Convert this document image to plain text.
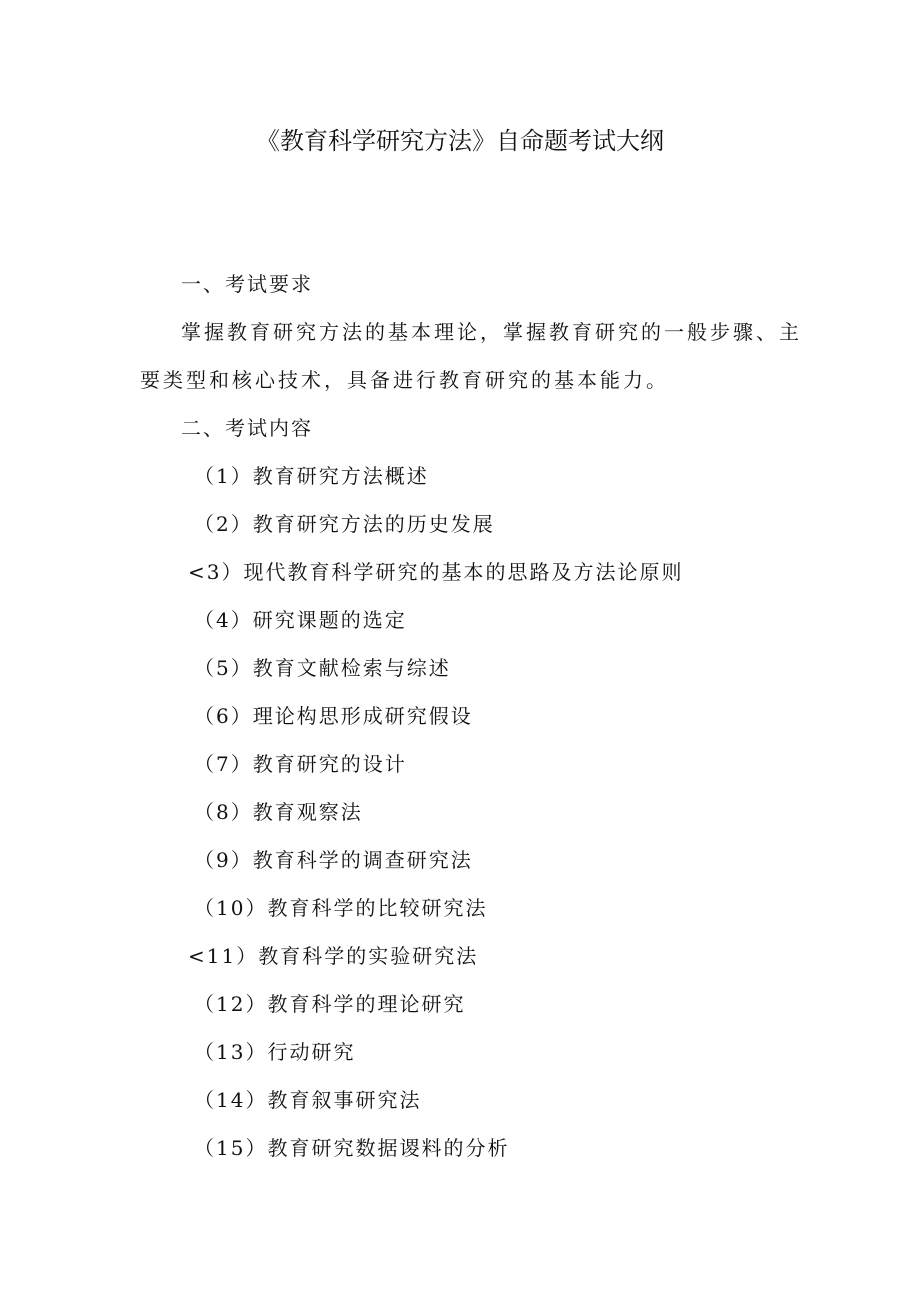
《教育科学研究方法》自命题考试大纲
一、考试要求
掌握教育研究方法的基本理论，掌握教育研究的一般步骤、主
要类型和核心技术，具备进行教育研究的基本能力。
二、考试内容
（1）教育研究方法概述
（2）教育研究方法的历史发展
<3）现代教育科学研究的基本的思路及方法论原则
（4）研究课题的选定
（5）教育文献检索与综述
（6）理论构思形成研究假设
（7）教育研究的设计
（8）教育观察法
（9）教育科学的调查研究法
（10）教育科学的比较研究法
<11）教育科学的实验研究法
（12）教育科学的理论研究
（13）行动研究
（14）教育叙事研究法
（15）教育研究数据谡料的分析
